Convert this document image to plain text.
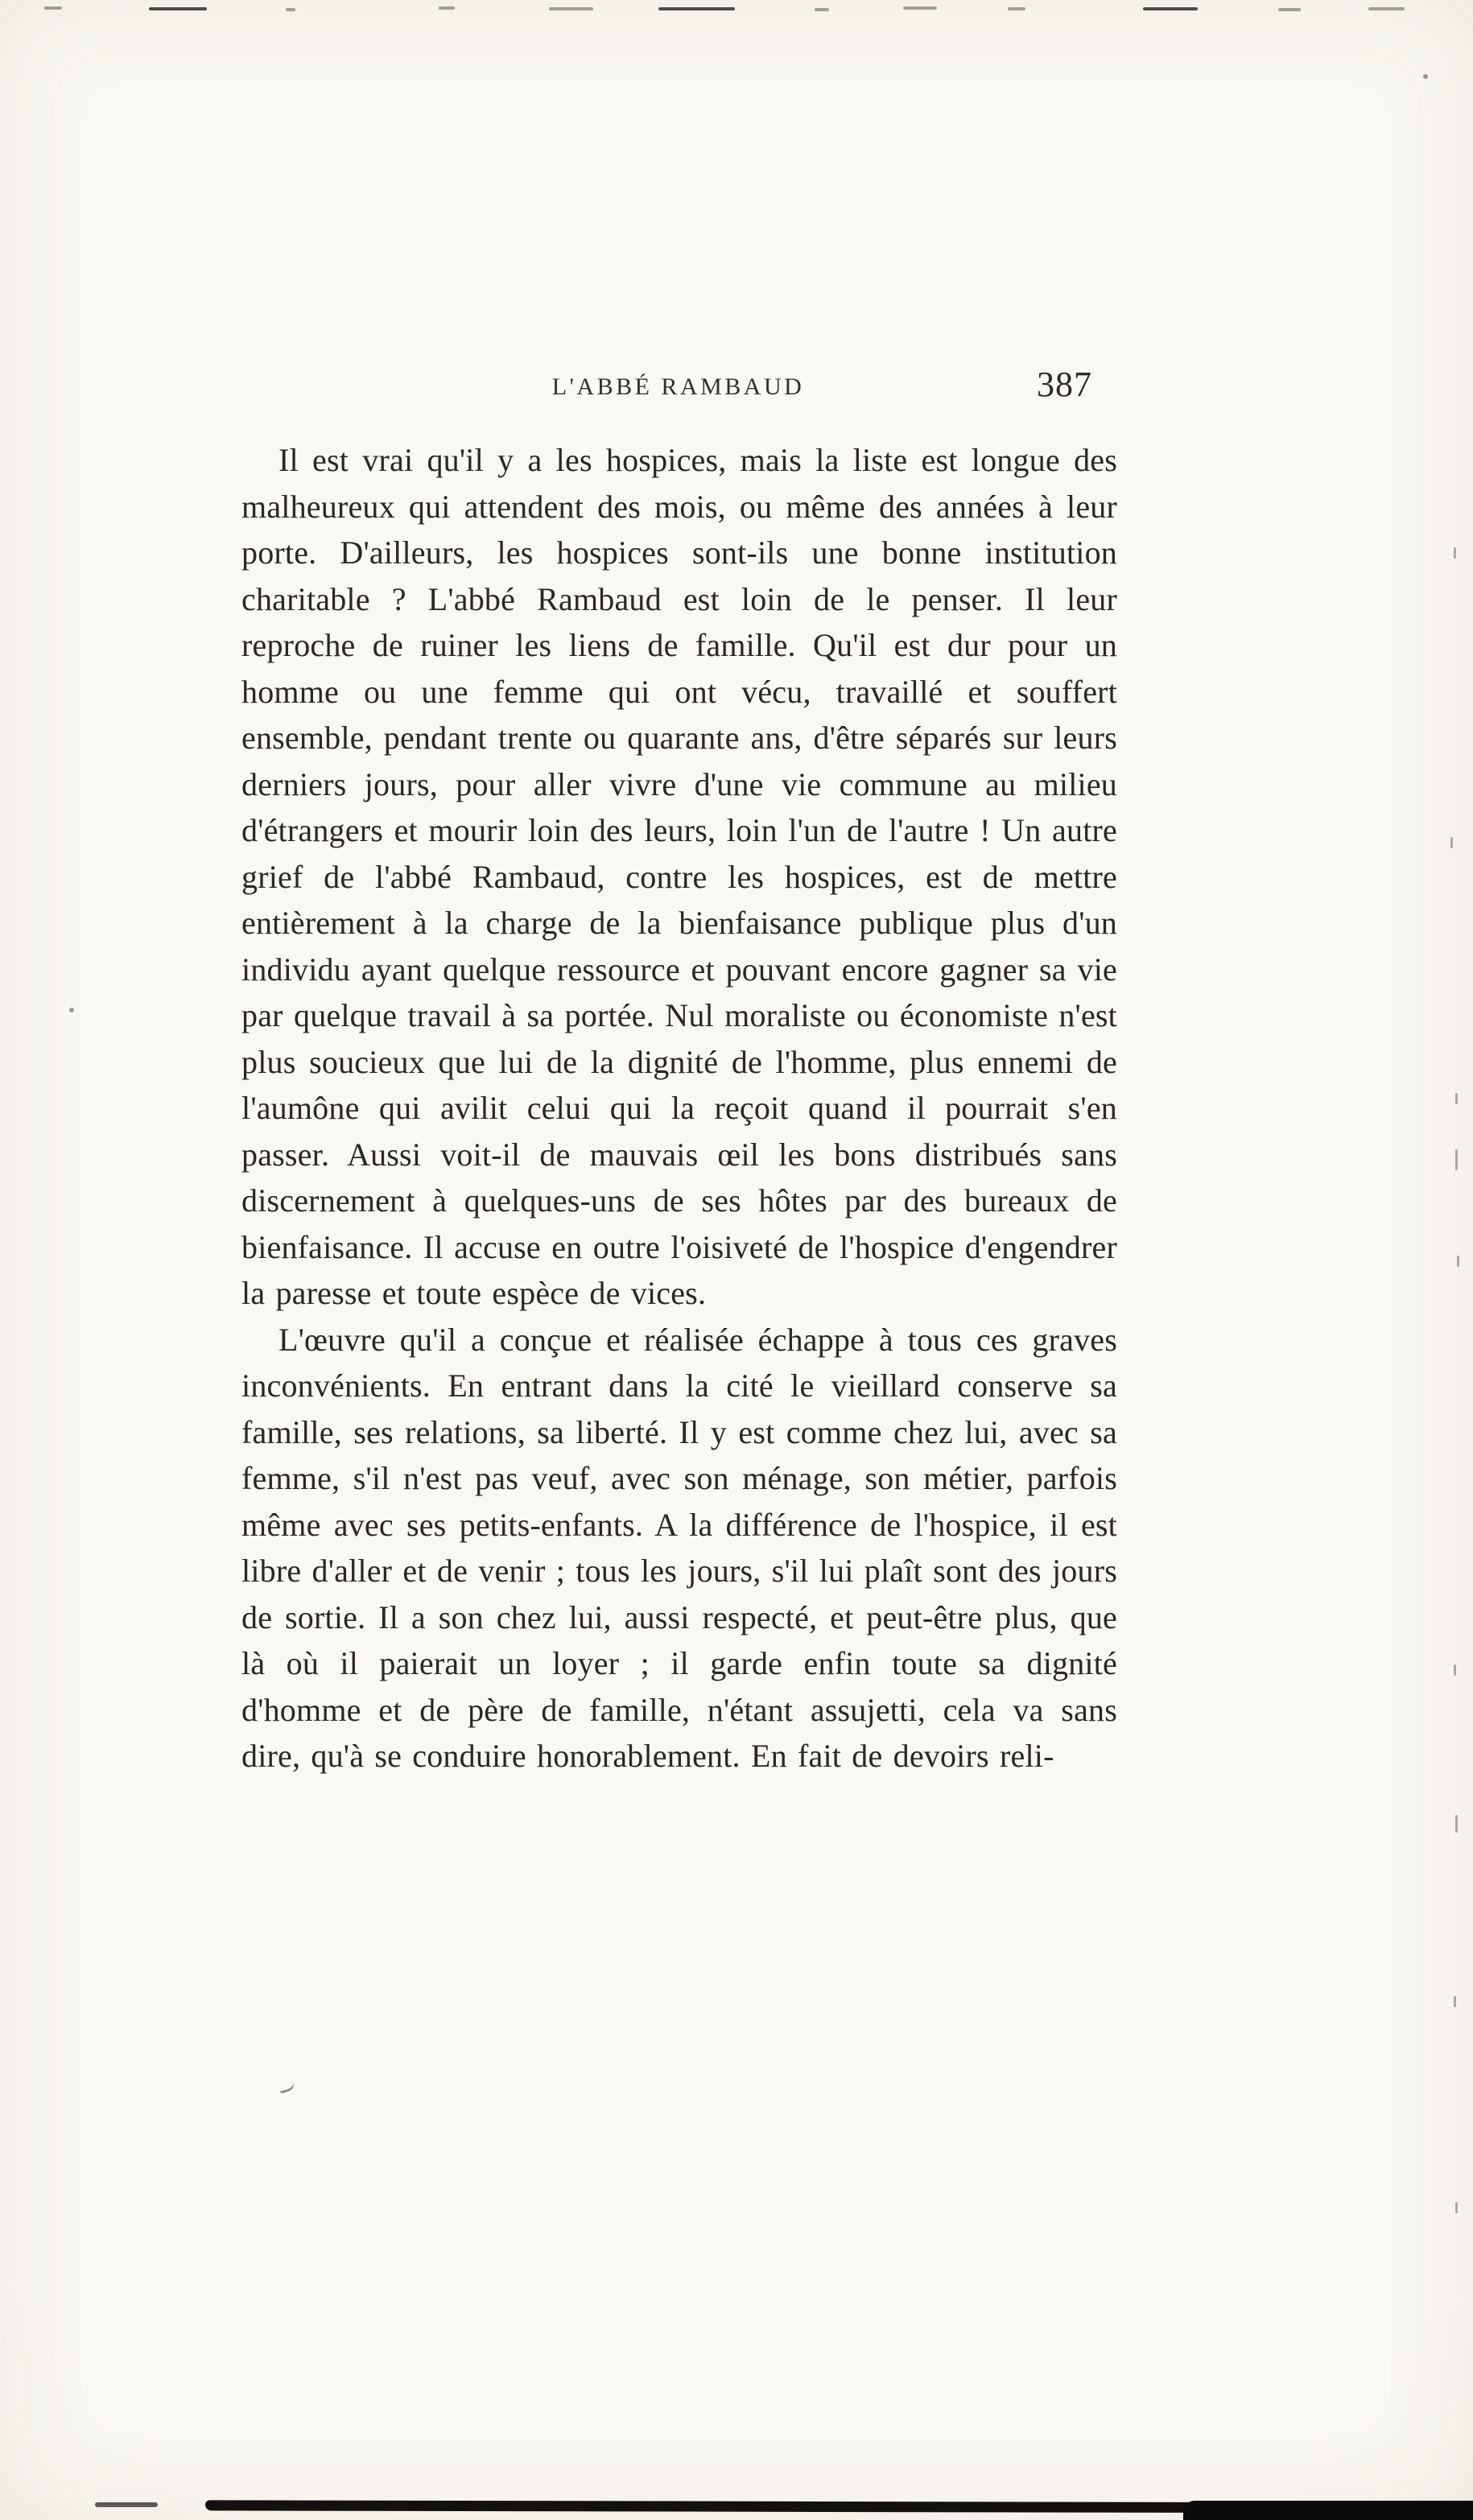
L'ABBÉ RAMBAUD	387

Il est vrai qu'il y a les hospices, mais la liste est longue des malheureux qui attendent des mois, ou même des années à leur porte. D'ailleurs, les hospices sont-ils une bonne institution charitable ? L'abbé Rambaud est loin de le penser. Il leur reproche de ruiner les liens de famille. Qu'il est dur pour un homme ou une femme qui ont vécu, travaillé et souffert ensemble, pendant trente ou quarante ans, d'être séparés sur leurs derniers jours, pour aller vivre d'une vie commune au milieu d'étrangers et mourir loin des leurs, loin l'un de l'autre ! Un autre grief de l'abbé Rambaud, contre les hospices, est de mettre entièrement à la charge de la bienfaisance publique plus d'un individu ayant quelque ressource et pouvant encore gagner sa vie par quelque travail à sa portée. Nul moraliste ou économiste n'est plus soucieux que lui de la dignité de l'homme, plus ennemi de l'aumône qui avilit celui qui la reçoit quand il pourrait s'en passer. Aussi voit-il de mauvais œil les bons distribués sans discernement à quelques-uns de ses hôtes par des bureaux de bienfaisance. Il accuse en outre l'oisiveté de l'hospice d'engendrer la paresse et toute espèce de vices.

L'œuvre qu'il a conçue et réalisée échappe à tous ces graves inconvénients. En entrant dans la cité le vieillard conserve sa famille, ses relations, sa liberté. Il y est comme chez lui, avec sa femme, s'il n'est pas veuf, avec son ménage, son métier, parfois même avec ses petits-enfants. A la différence de l'hospice, il est libre d'aller et de venir ; tous les jours, s'il lui plaît sont des jours de sortie. Il a son chez lui, aussi respecté, et peut-être plus, que là où il paierait un loyer ; il garde enfin toute sa dignité d'homme et de père de famille, n'étant assujetti, cela va sans dire, qu'à se conduire honorablement. En fait de devoirs reli-
